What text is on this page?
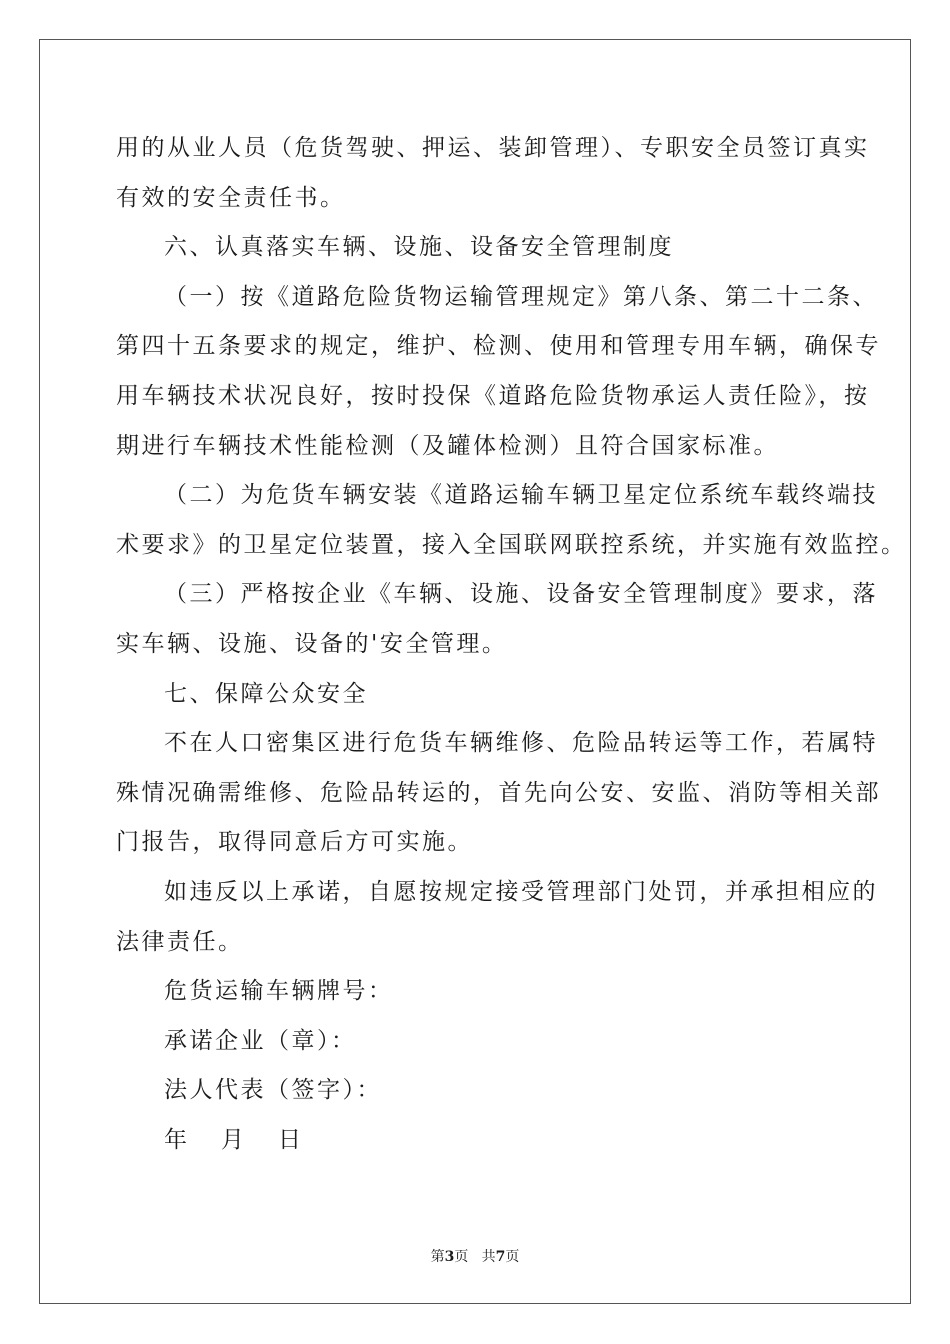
用的从业人员（危货驾驶、押运、装卸管理）、专职安全员签订真实
有效的安全责任书。
六、认真落实车辆、设施、设备安全管理制度
（一）按《道路危险货物运输管理规定》第八条、第二十二条、
第四十五条要求的规定，维护、检测、使用和管理专用车辆，确保专
用车辆技术状况良好，按时投保《道路危险货物承运人责任险》，按
期进行车辆技术性能检测（及罐体检测）且符合国家标准。
（二）为危货车辆安装《道路运输车辆卫星定位系统车载终端技
术要求》的卫星定位装置，接入全国联网联控系统，并实施有效监控。
（三）严格按企业《车辆、设施、设备安全管理制度》要求，落
实车辆、设施、设备的'安全管理。
七、保障公众安全
不在人口密集区进行危货车辆维修、危险品转运等工作，若属特
殊情况确需维修、危险品转运的，首先向公安、安监、消防等相关部
门报告，取得同意后方可实施。
如违反以上承诺，自愿按规定接受管理部门处罚，并承担相应的
法律责任。
危货运输车辆牌号：
承诺企业（章）：
法人代表（签字）：
年 月 日
第3页 共7页
